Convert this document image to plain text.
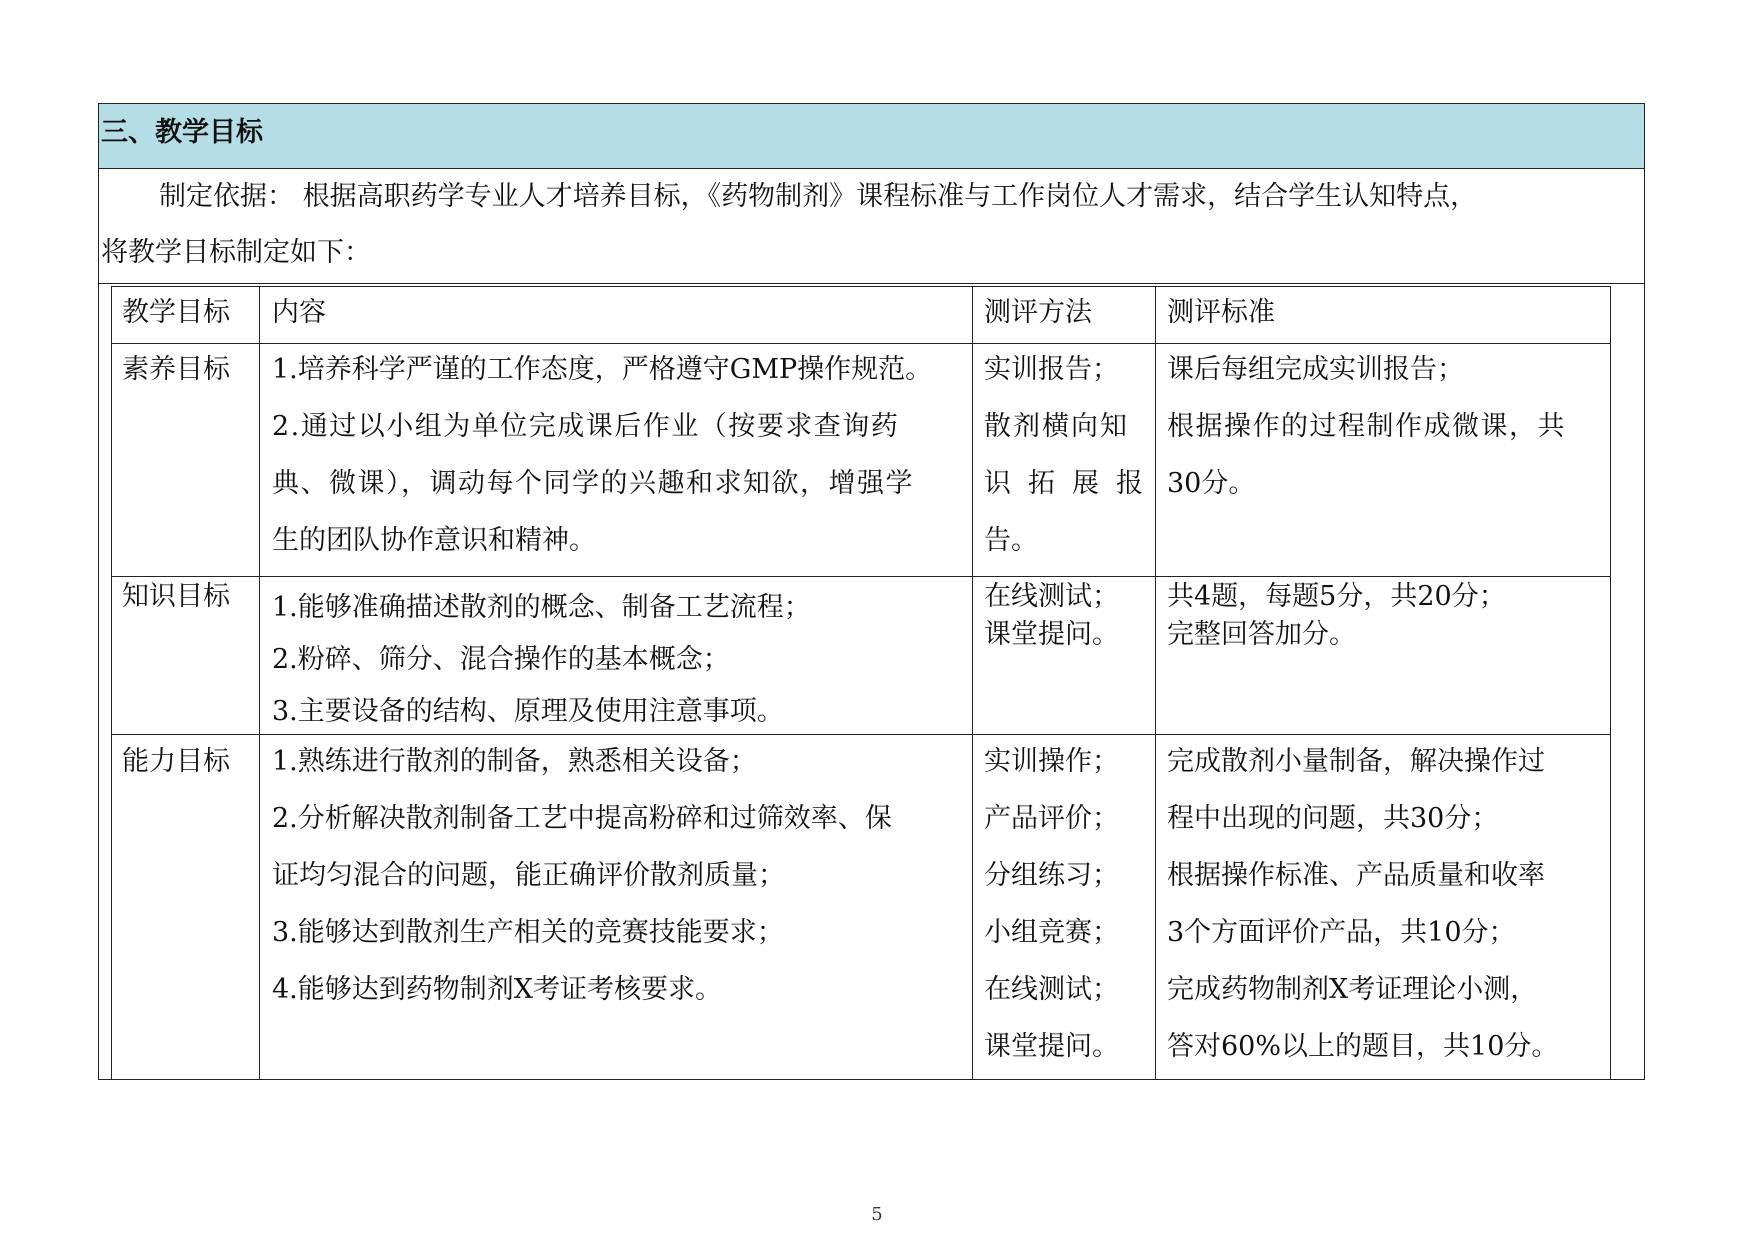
三、教学目标
制定依据： 根据高职药学专业人才培养目标，《药物制剂》课程标准与工作岗位人才需求，结合学生认知特点，
将教学目标制定如下：
教学目标 内容	测评方法	测评标准
素养目标 1.培养科学严谨的工作态度，严格遵守GMP操作规范。
2.通过以小组为单位完成课后作业（按要求查询药
典、微课），调动每个同学的兴趣和求知欲，增强学
生的团队协作意识和精神。
实训报告；
散剂横向知
识拓展报
告。
课后每组完成实训报告；
根据操作的过程制作成微课，共
30分。
知识目标 1.能够准确描述散剂的概念、制备工艺流程；
2.粉碎、筛分、混合操作的基本概念；
3.主要设备的结构、原理及使用注意事项。
在线测试；
课堂提问。
共4题，每题5分，共20分；
完整回答加分。
能力目标 1.熟练进行散剂的制备，熟悉相关设备；
2.分析解决散剂制备工艺中提高粉碎和过筛效率、保
证均匀混合的问题，能正确评价散剂质量；
3.能够达到散剂生产相关的竞赛技能要求；
4.能够达到药物制剂X考证考核要求。
实训操作；
产品评价；
分组练习；
小组竞赛；
在线测试；
课堂提问。
完成散剂小量制备，解决操作过
程中出现的问题，共30分；
根据操作标准、产品质量和收率
3个方面评价产品，共10分；
完成药物制剂X考证理论小测，
答对60%以上的题目，共10分。
5
